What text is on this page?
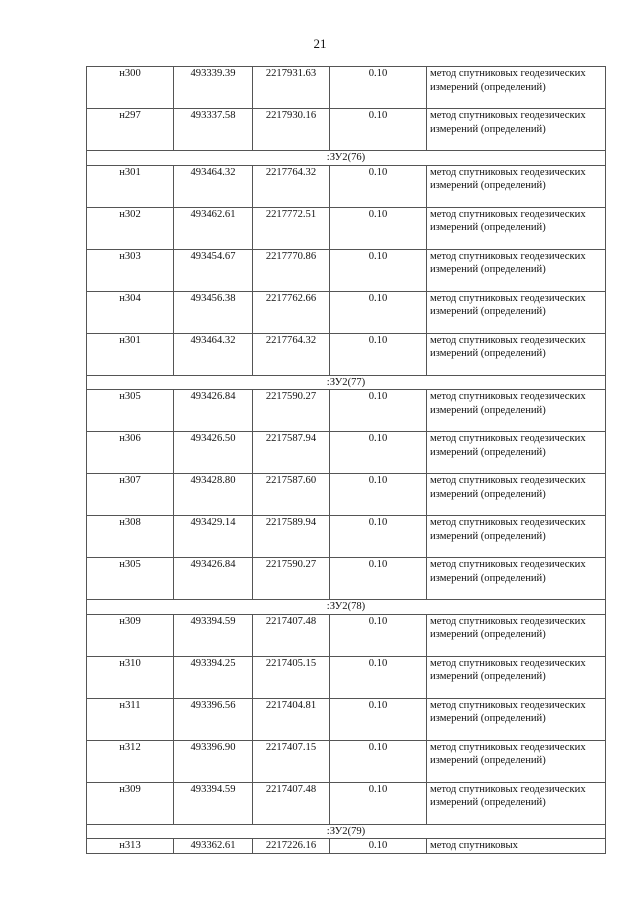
21
н300	493339.39	2217931.63	0.10	метод спутниковых геодезических измерений (определений)
н297	493337.58	2217930.16	0.10	метод спутниковых геодезических измерений (определений)
:ЗУ2(76)				
н301	493464.32	2217764.32	0.10	метод спутниковых геодезических измерений (определений)
н302	493462.61	2217772.51	0.10	метод спутниковых геодезических измерений (определений)
н303	493454.67	2217770.86	0.10	метод спутниковых геодезических измерений (определений)
н304	493456.38	2217762.66	0.10	метод спутниковых геодезических измерений (определений)
н301	493464.32	2217764.32	0.10	метод спутниковых геодезических измерений (определений)
:ЗУ2(77)				
н305	493426.84	2217590.27	0.10	метод спутниковых геодезических измерений (определений)
н306	493426.50	2217587.94	0.10	метод спутниковых геодезических измерений (определений)
н307	493428.80	2217587.60	0.10	метод спутниковых геодезических измерений (определений)
н308	493429.14	2217589.94	0.10	метод спутниковых геодезических измерений (определений)
н305	493426.84	2217590.27	0.10	метод спутниковых геодезических измерений (определений)
:ЗУ2(78)				
н309	493394.59	2217407.48	0.10	метод спутниковых геодезических измерений (определений)
н310	493394.25	2217405.15	0.10	метод спутниковых геодезических измерений (определений)
н311	493396.56	2217404.81	0.10	метод спутниковых геодезических измерений (определений)
н312	493396.90	2217407.15	0.10	метод спутниковых геодезических измерений (определений)
н309	493394.59	2217407.48	0.10	метод спутниковых геодезических измерений (определений)
:ЗУ2(79)				
н313	493362.61	2217226.16	0.10	метод спутниковых
